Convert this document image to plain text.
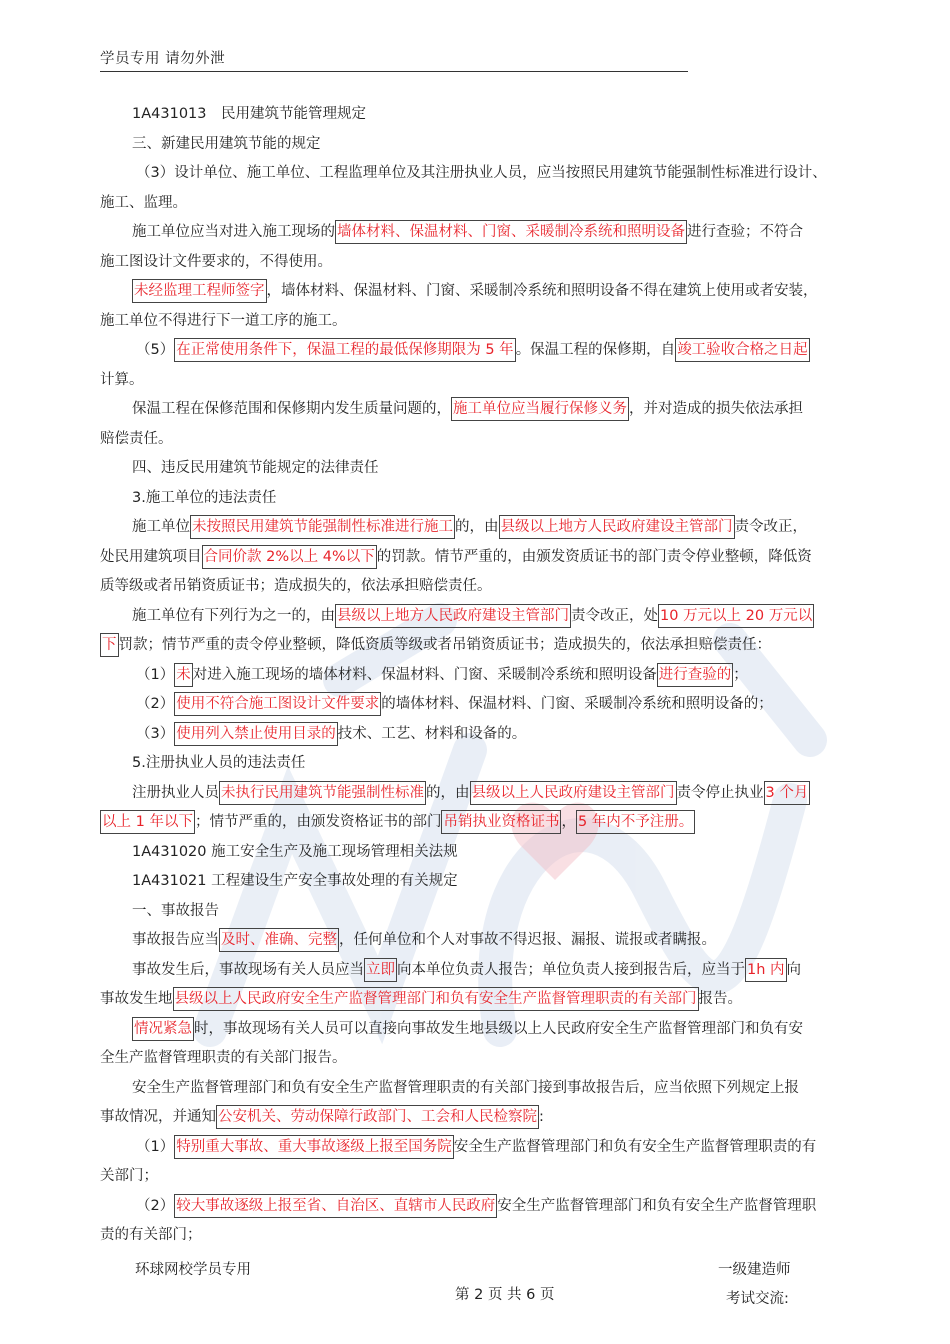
学员专用 请勿外泄
1A431013　民用建筑节能管理规定
三、新建民用建筑节能的规定
（3）设计单位、施工单位、工程监理单位及其注册执业人员，应当按照民用建筑节能强制性标准进行设计、
施工、监理。
施工单位应当对进入施工现场的 墙体材料、保温材料、门窗、采暖制冷系统和照明设备 进行查验；不符合
施工图设计文件要求的，不得使用。
未经监理工程师签字 ，墙体材料、保温材料、门窗、采暖制冷系统和照明设备不得在建筑上使用或者安装，
施工单位不得进行下一道工序的施工。
（5） 在正常使用条件下，保温工程的最低保修期限为 5 年 。保温工程的保修期，自 竣工验收合格之日起
计算。
保温工程在保修范围和保修期内发生质量问题的， 施工单位应当履行保修义务 ，并对造成的损失依法承担
赔偿责任。
四、违反民用建筑节能规定的法律责任
3.施工单位的违法责任
施工单位 未按照民用建筑节能强制性标准进行施工 的，由 县级以上地方人民政府建设主管部门 责令改正，
处民用建筑项目 合同价款 2%以上 4%以下 的罚款。情节严重的，由颁发资质证书的部门责令停业整顿，降低资
质等级或者吊销资质证书；造成损失的，依法承担赔偿责任。
施工单位有下列行为之一的，由 县级以上地方人民政府建设主管部门 责令改正，处 10 万元以上 20 万元以
下 罚款；情节严重的责令停业整顿，降低资质等级或者吊销资质证书；造成损失的，依法承担赔偿责任：
（1） 未 对进入施工现场的墙体材料、保温材料、门窗、采暖制冷系统和照明设备 进行查验的 ；
（2） 使用不符合施工图设计文件要求 的墙体材料、保温材料、门窗、采暖制冷系统和照明设备的；
（3） 使用列入禁止使用目录的 技术、工艺、材料和设备的。
5.注册执业人员的违法责任
注册执业人员 未执行民用建筑节能强制性标准 的，由 县级以上人民政府建设主管部门 责令停止执业 3 个月
以上 1 年以下 ；情节严重的，由颁发资格证书的部门 吊销执业资格证书 ， 5 年内不予注册。
1A431020 施工安全生产及施工现场管理相关法规
1A431021 工程建设生产安全事故处理的有关规定
一、事故报告
事故报告应当 及时、准确、完整 ，任何单位和个人对事故不得迟报、漏报、谎报或者瞒报。
事故发生后，事故现场有关人员应当 立即 向本单位负责人报告；单位负责人接到报告后，应当于 1h 内 向
事故发生地 县级以上人民政府安全生产监督管理部门和负有安全生产监督管理职责的有关部门 报告。
情况紧急 时，事故现场有关人员可以直接向事故发生地县级以上人民政府安全生产监督管理部门和负有安
全生产监督管理职责的有关部门报告。
安全生产监督管理部门和负有安全生产监督管理职责的有关部门接到事故报告后，应当依照下列规定上报
事故情况，并通知 公安机关、劳动保障行政部门、工会和人民检察院 :
（1） 特别重大事故、重大事故逐级上报至国务院 安全生产监督管理部门和负有安全生产监督管理职责的有
关部门；
（2） 较大事故逐级上报至省、自治区、直辖市人民政府 安全生产监督管理部门和负有安全生产监督管理职
责的有关部门；
环球网校学员专用	一级建造师
第 2 页 共 6 页	考试交流:
